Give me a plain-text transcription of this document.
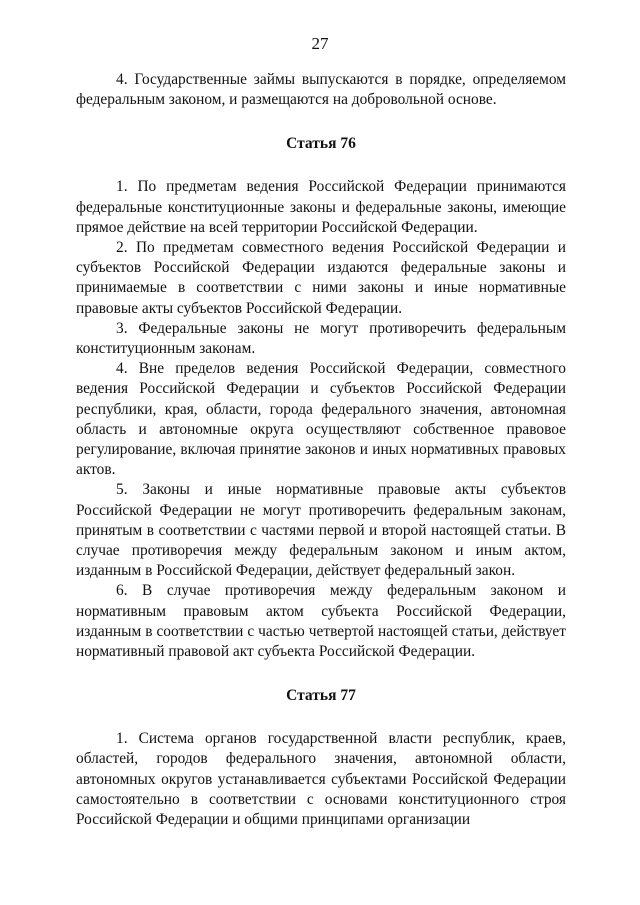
27

4. Государственные займы выпускаются в порядке, определяемом федеральным законом, и размещаются на добровольной основе.

Статья 76

1. По предметам ведения Российской Федерации принимаются федеральные конституционные законы и федеральные законы, имеющие прямое действие на всей территории Российской Федерации.

2. По предметам совместного ведения Российской Федерации и субъектов Российской Федерации издаются федеральные законы и принимаемые в соответствии с ними законы и иные нормативные правовые акты субъектов Российской Федерации.

3. Федеральные законы не могут противоречить федеральным конституционным законам.

4. Вне пределов ведения Российской Федерации, совместного ведения Российской Федерации и субъектов Российской Федерации республики, края, области, города федерального значения, автономная область и автономные округа осуществляют собственное правовое регулирование, включая принятие законов и иных нормативных правовых актов.

5. Законы и иные нормативные правовые акты субъектов Российской Федерации не могут противоречить федеральным законам, принятым в соответствии с частями первой и второй настоящей статьи. В случае противоречия между федеральным законом и иным актом, изданным в Российской Федерации, действует федеральный закон.

6. В случае противоречия между федеральным законом и нормативным правовым актом субъекта Российской Федерации, изданным в соответствии с частью четвертой настоящей статьи, действует нормативный правовой акт субъекта Российской Федерации.

Статья 77

1. Система органов государственной власти республик, краев, областей, городов федерального значения, автономной области, автономных округов устанавливается субъектами Российской Федерации самостоятельно в соответствии с основами конституционного строя Российской Федерации и общими принципами организации
